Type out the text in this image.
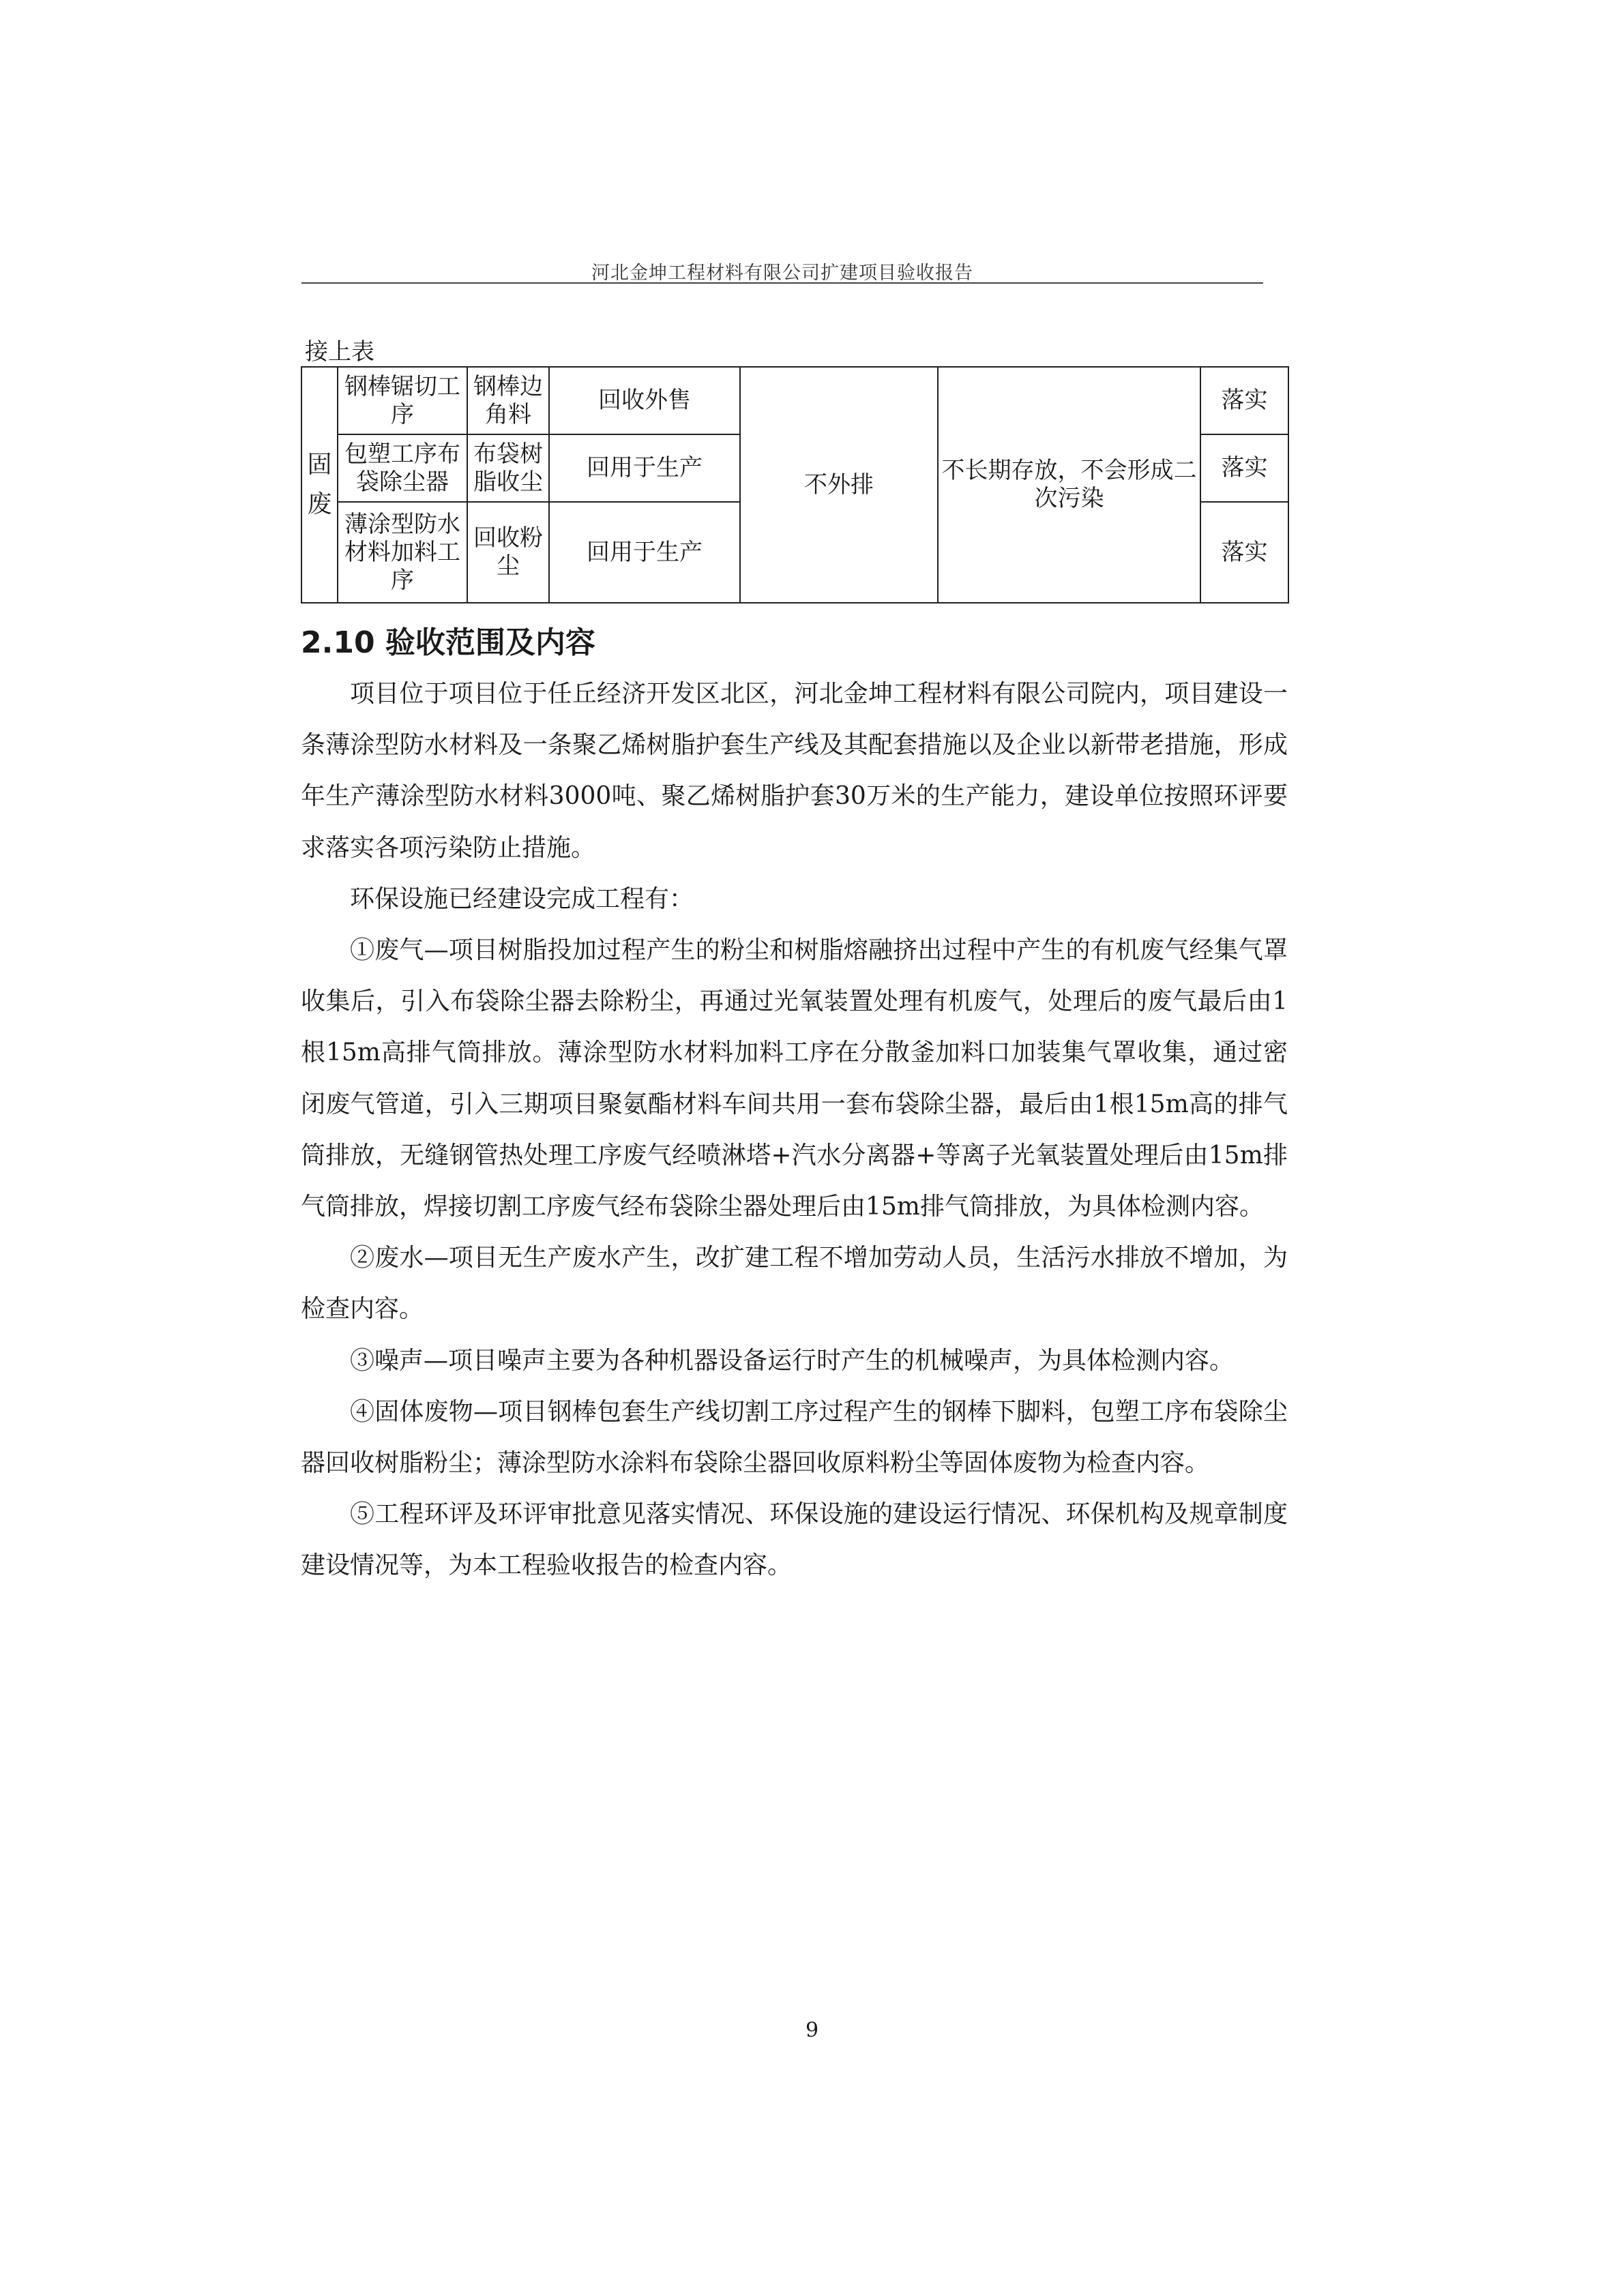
河北金坤工程材料有限公司扩建项目验收报告
接上表
固
废	钢棒锯切工序	钢棒边角料	回收外售	不外排	不长期存放，不会形成二次污染	落实
	包塑工序布袋除尘器	布袋树脂收尘	回用于生产			落实
	薄涂型防水材料加料工序	回收粉尘	回用于生产			落实
2.10 验收范围及内容

项目位于项目位于任丘经济开发区北区，河北金坤工程材料有限公司院内，项目建设一条薄涂型防水材料及一条聚乙烯树脂护套生产线及其配套措施以及企业以新带老措施，形成年生产薄涂型防水材料3000吨、聚乙烯树脂护套30万米的生产能力，建设单位按照环评要求落实各项污染防止措施。

环保设施已经建设完成工程有：

①废气—项目树脂投加过程产生的粉尘和树脂熔融挤出过程中产生的有机废气经集气罩收集后，引入布袋除尘器去除粉尘，再通过光氧装置处理有机废气，处理后的废气最后由1根15m高排气筒排放。薄涂型防水材料加料工序在分散釜加料口加装集气罩收集，通过密闭废气管道，引入三期项目聚氨酯材料车间共用一套布袋除尘器，最后由1根15m高的排气筒排放，无缝钢管热处理工序废气经喷淋塔+汽水分离器+等离子光氧装置处理后由15m排气筒排放，焊接切割工序废气经布袋除尘器处理后由15m排气筒排放，为具体检测内容。

②废水—项目无生产废水产生，改扩建工程不增加劳动人员，生活污水排放不增加，为检查内容。

③噪声—项目噪声主要为各种机器设备运行时产生的机械噪声，为具体检测内容。

④固体废物—项目钢棒包套生产线切割工序过程产生的钢棒下脚料，包塑工序布袋除尘器回收树脂粉尘；薄涂型防水涂料布袋除尘器回收原料粉尘等固体废物为检查内容。

⑤工程环评及环评审批意见落实情况、环保设施的建设运行情况、环保机构及规章制度建设情况等，为本工程验收报告的检查内容。

9
